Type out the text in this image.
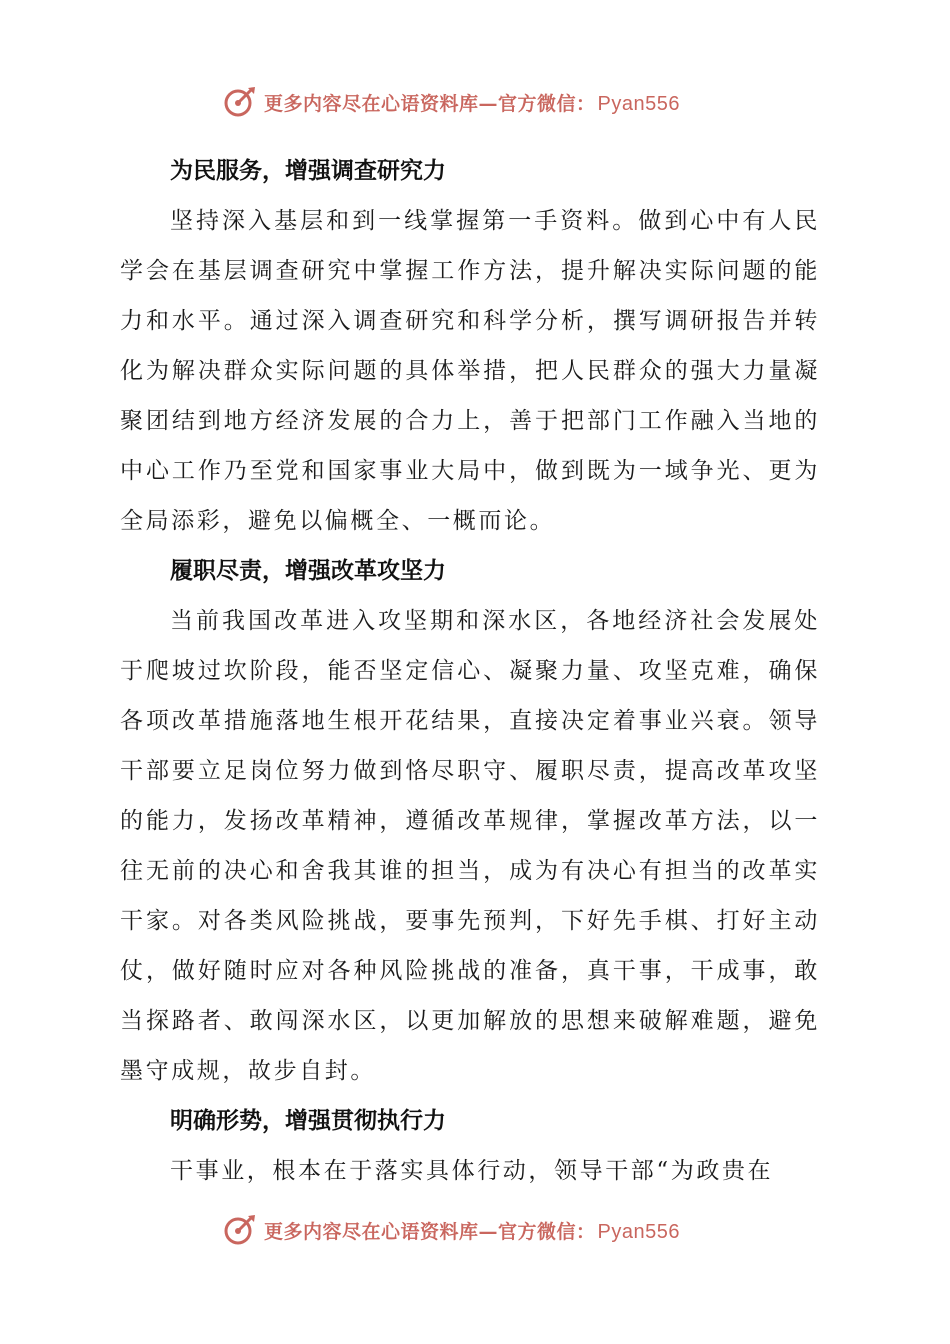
更多内容尽在心语资料库—官方微信： Pyan556

为民服务，增强调查研究力

坚持深入基层和到一线掌握第一手资料。做到心中有人民学会在基层调查研究中掌握工作方法，提升解决实际问题的能力和水平。通过深入调查研究和科学分析，撰写调研报告并转化为解决群众实际问题的具体举措，把人民群众的强大力量凝聚团结到地方经济发展的合力上，善于把部门工作融入当地的中心工作乃至党和国家事业大局中，做到既为一域争光、更为全局添彩，避免以偏概全、一概而论。

履职尽责，增强改革攻坚力

当前我国改革进入攻坚期和深水区，各地经济社会发展处于爬坡过坎阶段，能否坚定信心、凝聚力量、攻坚克难，确保各项改革措施落地生根开花结果，直接决定着事业兴衰。领导干部要立足岗位努力做到恪尽职守、履职尽责，提高改革攻坚的能力，发扬改革精神，遵循改革规律，掌握改革方法，以一往无前的决心和舍我其谁的担当，成为有决心有担当的改革实干家。对各类风险挑战，要事先预判，下好先手棋、打好主动仗，做好随时应对各种风险挑战的准备，真干事，干成事，敢当探路者、敢闯深水区，以更加解放的思想来破解难题，避免墨守成规，故步自封。

明确形势，增强贯彻执行力

干事业，根本在于落实具体行动，领导干部“为政贵在

更多内容尽在心语资料库—官方微信： Pyan556
